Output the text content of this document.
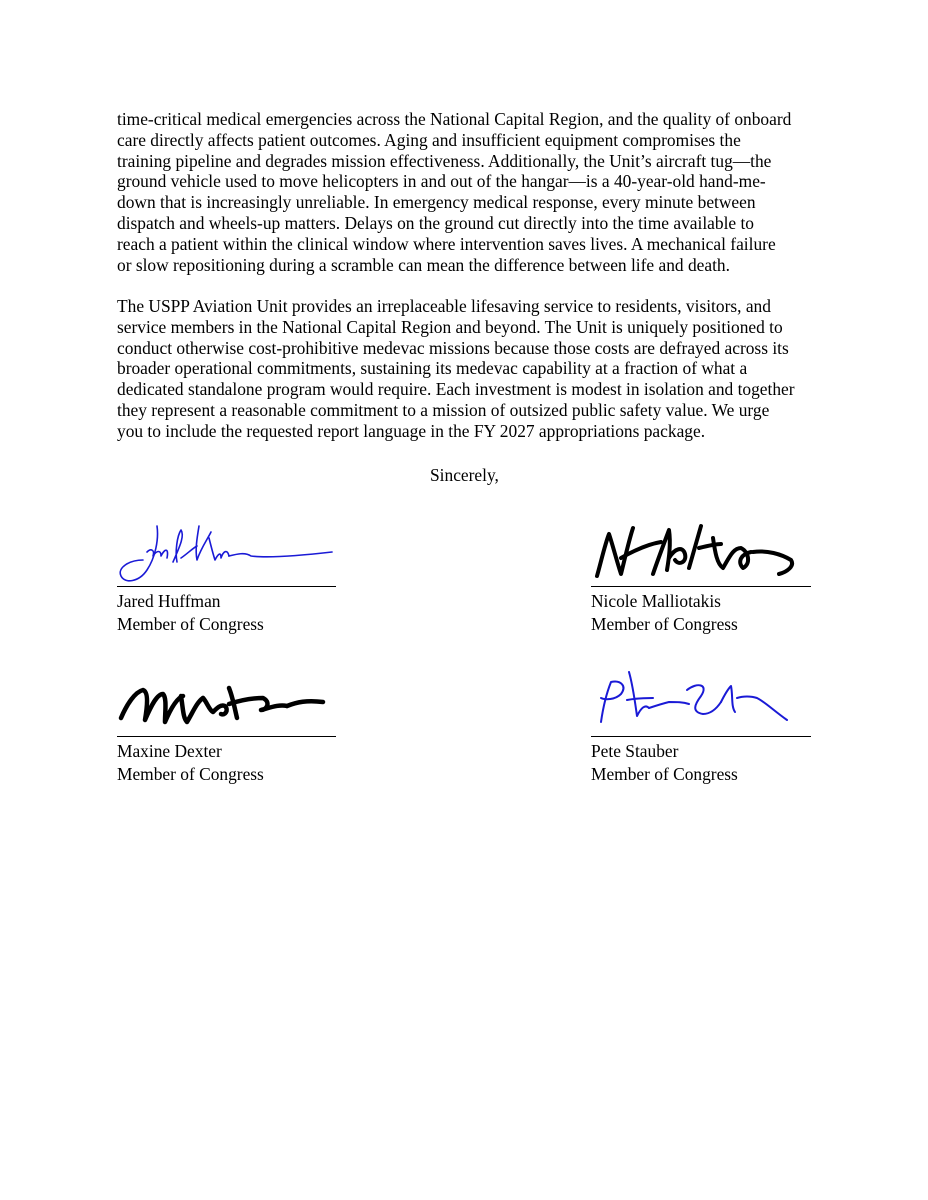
time-critical medical emergencies across the National Capital Region, and the quality of onboard
care directly affects patient outcomes. Aging and insufficient equipment compromises the
training pipeline and degrades mission effectiveness. Additionally, the Unit’s aircraft tug—the
ground vehicle used to move helicopters in and out of the hangar—is a 40-year-old hand-me-
down that is increasingly unreliable. In emergency medical response, every minute between
dispatch and wheels-up matters. Delays on the ground cut directly into the time available to
reach a patient within the clinical window where intervention saves lives. A mechanical failure
or slow repositioning during a scramble can mean the difference between life and death.
The USPP Aviation Unit provides an irreplaceable lifesaving service to residents, visitors, and
service members in the National Capital Region and beyond. The Unit is uniquely positioned to
conduct otherwise cost-prohibitive medevac missions because those costs are defrayed across its
broader operational commitments, sustaining its medevac capability at a fraction of what a
dedicated standalone program would require. Each investment is modest in isolation and together
they represent a reasonable commitment to a mission of outsized public safety value. We urge
you to include the requested report language in the FY 2027 appropriations package.
Sincerely,
Jared Huffman
Member of Congress
Nicole Malliotakis
Member of Congress
Maxine Dexter
Member of Congress
Pete Stauber
Member of Congress
